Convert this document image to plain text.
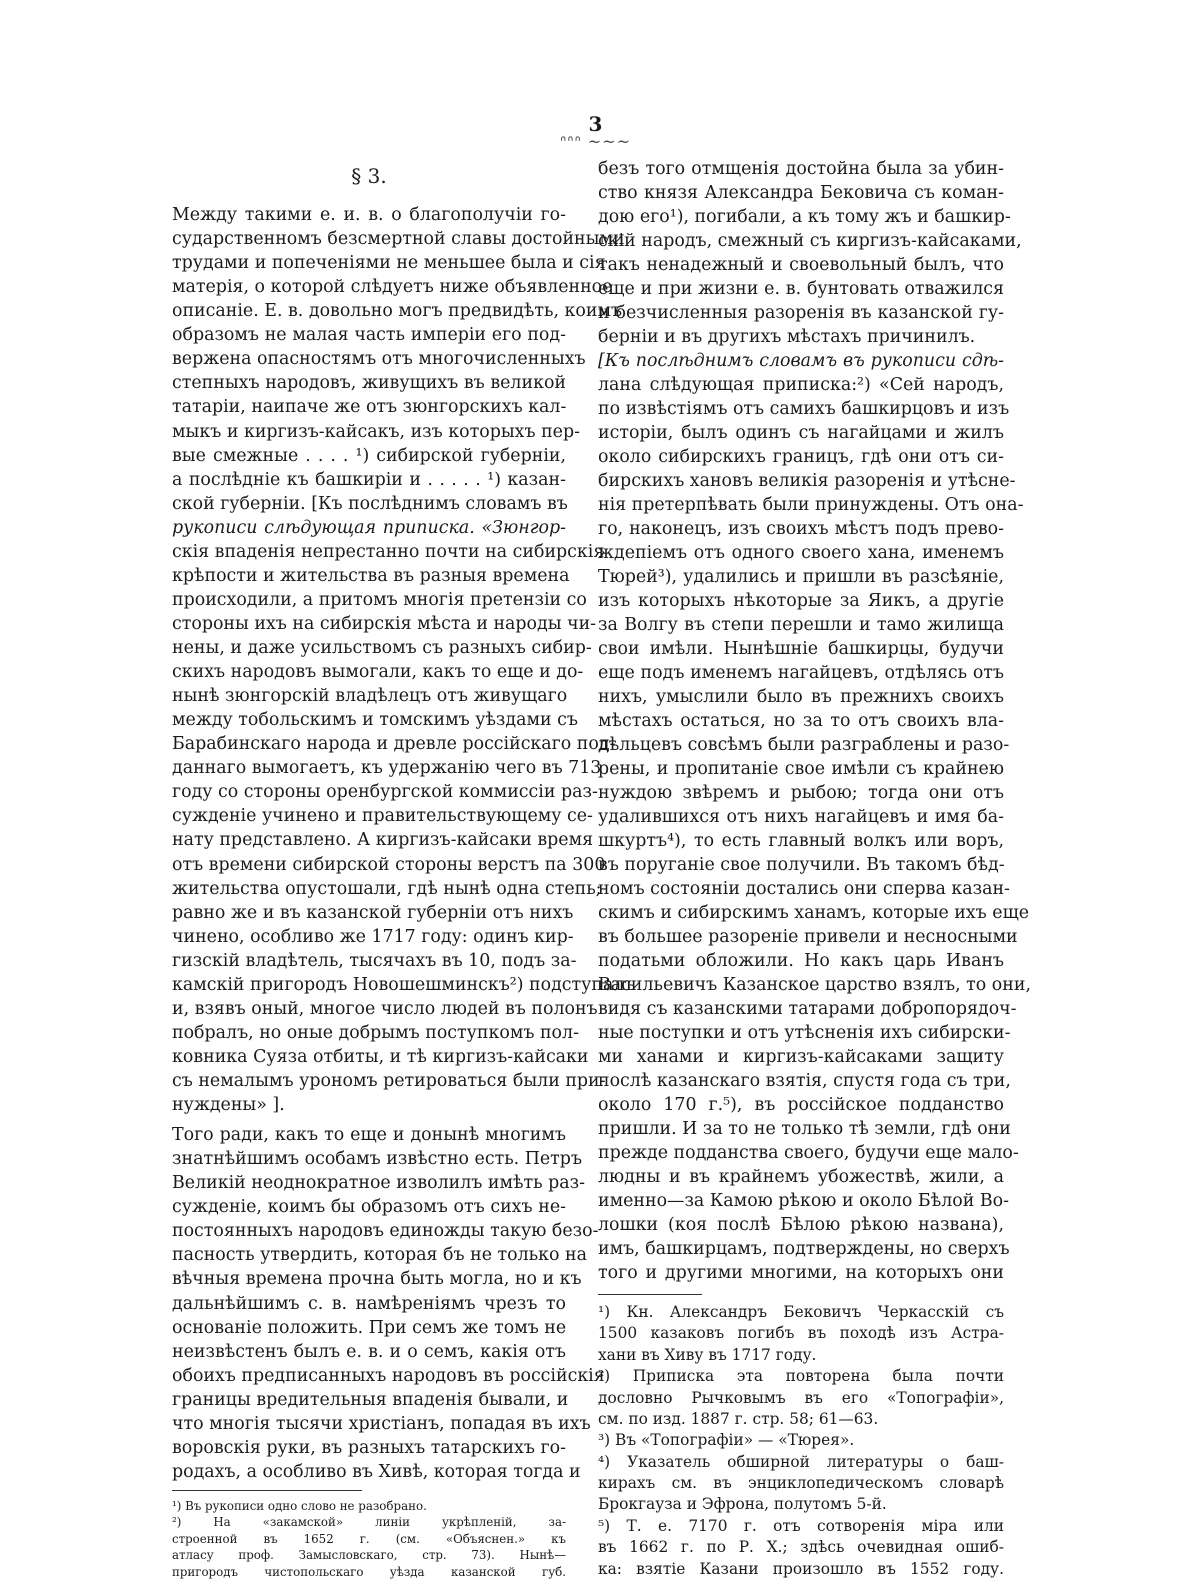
3
ᐢᐢᐢ ~~~
§ 3.
Между такими е. и. в. о благополучіи го-
сударственномъ безсмертной славы достойными
трудами и попеченіями не меньшее была и сія
матерія, о которой слѣдуетъ ниже объявленное
описаніе. Е. в. довольно могъ предвидѣть, коимъ
образомъ не малая часть имперіи его под-
вержена опасностямъ отъ многочисленныхъ
степныхъ народовъ, живущихъ въ великой
татаріи, наипаче же отъ зюнгорскихъ кал-
мыкъ и киргизъ-кайсакъ, изъ которыхъ пер-
вые смежные . . . . ¹) сибирской губерніи,
а послѣдніе къ башкиріи и . . . . . ¹) казан-
ской губерніи. [Къ послѣднимъ словамъ въ
рукописи слѣдующая приписка. «Зюнгор-
скія впаденія непрестанно почти на сибирскія
крѣпости и жительства въ разныя времена
происходили, а притомъ многія претензіи со
стороны ихъ на сибирскія мѣста и народы чи-
нены, и даже усильствомъ съ разныхъ сибир-
скихъ народовъ вымогали, какъ то еще и до-
нынѣ зюнгорскій владѣлецъ отъ живущаго
между тобольскимъ и томскимъ уѣздами съ
Барабинскаго народа и древле россійскаго под-
даннаго вымогаетъ, къ удержанію чего въ 713
году со стороны оренбургской коммиссіи раз-
сужденіе учинено и правительствующему се-
нату представлено. А киргизъ-кайсаки время
отъ времени сибирской стороны верстъ па 300
жительства опустошали, гдѣ нынѣ одна степь;
равно же и въ казанской губерніи отъ нихъ
чинено, особливо же 1717 году: одинъ кир-
гизскій владѣтель, тысячахъ въ 10, подъ за-
камскій пригородъ Новошешминскъ²) подступалъ
и, взявъ оный, многое число людей въ полонъ
побралъ, но оные добрымъ поступкомъ пол-
ковника Суяза отбиты, и тѣ киргизъ-кайсаки
съ немалымъ урономъ ретироваться были при-
нуждены» ].
Того ради, какъ то еще и донынѣ многимъ
знатнѣйшимъ особамъ извѣстно есть. Петръ
Великій неоднократное изволилъ имѣть раз-
сужденіе, коимъ бы образомъ отъ сихъ не-
постоянныхъ народовъ единожды такую безо-
пасность утвердить, которая бъ не только на
вѣчныя времена прочна быть могла, но и къ
дальнѣйшимъ с. в. намѣреніямъ чрезъ то
основаніе положить. При семъ же томъ не
неизвѣстенъ былъ е. в. и о семъ, какія отъ
обоихъ предписанныхъ народовъ въ россійскія
границы вредительныя впаденія бывали, и
что многія тысячи христіанъ, попадая въ ихъ
воровскія руки, въ разныхъ татарскихъ го-
родахъ, а особливо въ Хивѣ, которая тогда и
¹) Въ рукописи одно слово не разобрано.
²) На «закамской» линіи укрѣпленій, за-
строенной въ 1652 г. (см. «Объяснен.» къ
безъ того отмщенія достойна была за убин-
ство князя Александра Бековича съ коман-
дою его¹), погибали, а къ тому жъ и башкир-
скій народъ, смежный съ киргизъ-кайсаками,
такъ ненадежный и своевольный былъ, что
еще и при жизни е. в. бунтовать отважился
и безчисленныя разоренія въ казанской гу-
берніи и въ другихъ мѣстахъ причинилъ.
[Къ послѣднимъ словамъ въ рукописи сдѣ-
лана слѣдующая приписка:²) «Сей народъ,
по извѣстіямъ отъ самихъ башкирцовъ и изъ
исторіи, былъ одинъ съ нагайцами и жилъ
около сибирскихъ границъ, гдѣ они отъ си-
бирскихъ хановъ великія разоренія и утѣсне-
нія претерпѣвать были принуждены. Отъ она-
го, наконецъ, изъ своихъ мѣстъ подъ прево-
ждепіемъ отъ одного своего хана, именемъ
Тюрей³), удалились и пришли въ разсѣяніе,
изъ которыхъ нѣкоторые за Яикъ, а другіе
за Волгу въ степи перешли и тамо жилища
свои имѣли. Нынѣшніе башкирцы, будучи
еще подъ именемъ нагайцевъ, отдѣлясь отъ
нихъ, умыслили было въ прежнихъ своихъ
мѣстахъ остаться, но за то отъ своихъ вла-
дѣльцевъ совсѣмъ были разграблены и разо-
рены, и пропитаніе свое имѣли съ крайнею
нуждою звѣремъ и рыбою; тогда они отъ
удалившихся отъ нихъ нагайцевъ и имя ба-
шкуртъ⁴), то есть главный волкъ или воръ,
въ поруганіе свое получили. Въ такомъ бѣд-
номъ состояніи достались они сперва казан-
скимъ и сибирскимъ ханамъ, которые ихъ еще
въ большее разореніе привели и несносными
податьми обложили. Но какъ царь Иванъ
Васильевичъ Казанское царство взялъ, то они,
видя съ казанскими татарами добропорядоч-
ные поступки и отъ утѣсненія ихъ сибирски-
ми ханами и киргизъ-кайсаками защиту
послѣ казанскаго взятія, спустя года съ три,
около 170 г.⁵), въ россійское подданство
пришли. И за то не только тѣ земли, гдѣ они
прежде подданства своего, будучи еще мало-
людны и въ крайнемъ убожествѣ, жили, а
именно—за Камою рѣкою и около Бѣлой Во-
лошки (коя послѣ Бѣлою рѣкою названа),
имъ, башкирцамъ, подтверждены, но сверхъ
того и другими многими, на которыхъ они
¹) Кн. Александръ Бековичъ Черкасскій съ
1500 казаковъ погибъ въ походѣ изъ Астра-
хани въ Хиву въ 1717 году.
²) Приписка эта повторена была почти
дословно Рычковымъ въ его «Топографіи»,
см. по изд. 1887 г. стр. 58; 61—63.
³) Въ «Топографіи» — «Тюрея».
⁴) Указатель обширной литературы о баш-
кирахъ см. въ энциклопедическомъ словарѣ
Брокгауза и Эфрона, полутомъ 5-й.
⁵) Т. е. 7170 г. отъ сотворенія міра или
атласу проф. Замысловскаго, стр. 73). Нынѣ—
пригородъ чистопольскаго уѣзда казанской губ.
въ 1662 г. по Р. Х.; здѣсь очевидная ошиб-
ка: взятіе Казани произошло въ 1552 году.
